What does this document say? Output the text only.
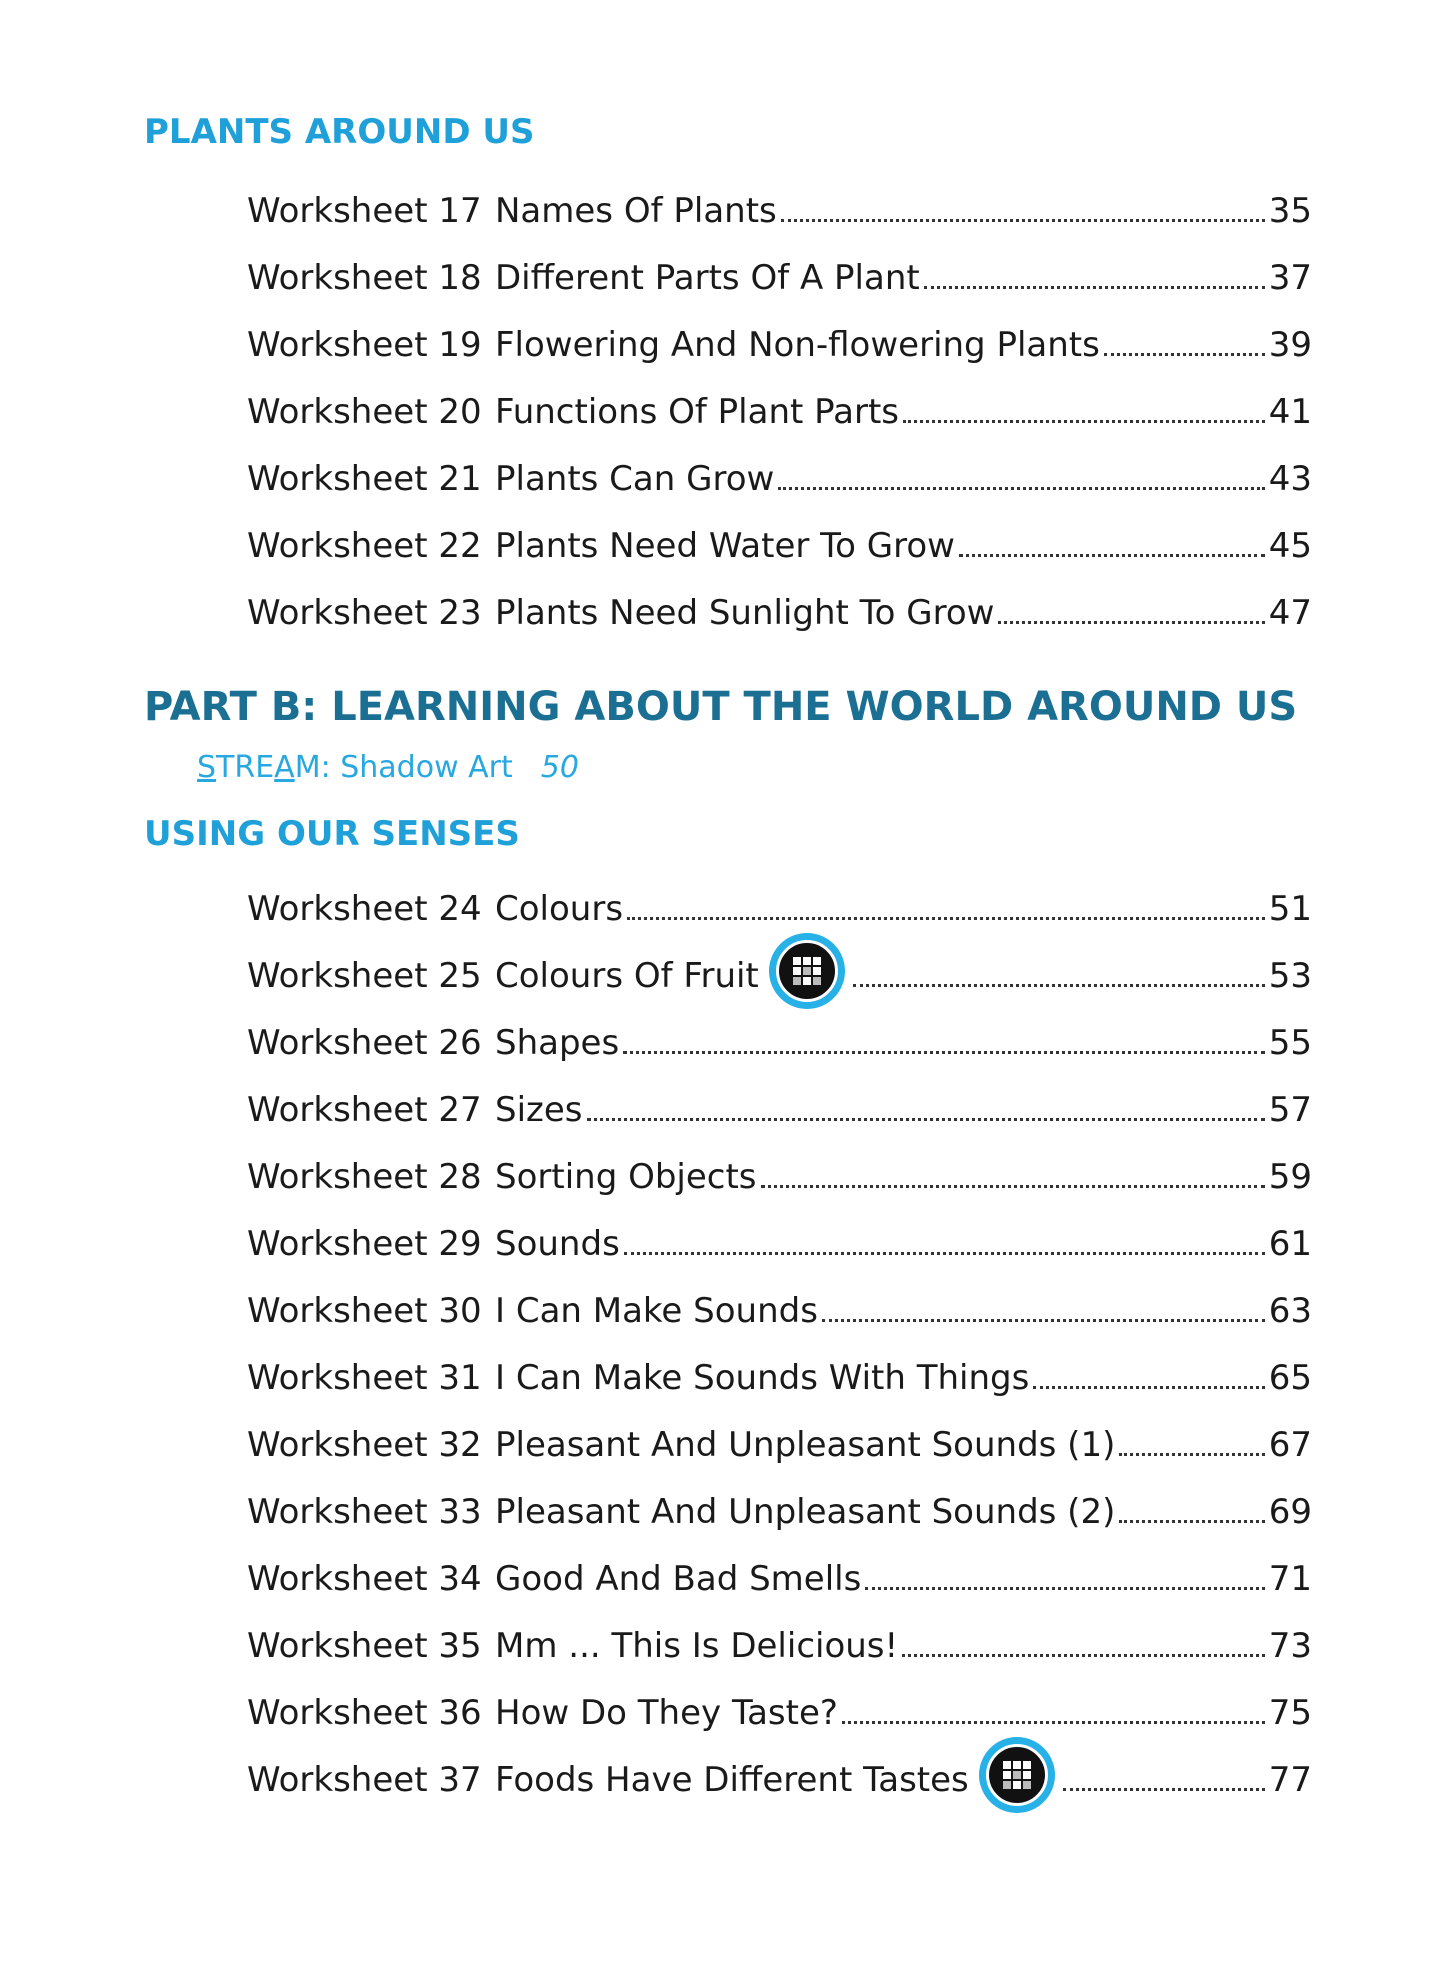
PLANTS AROUND US
Worksheet 17 Names Of Plants	35
Worksheet 18 Different Parts Of A Plant	37
Worksheet 19 Flowering And Non-flowering Plants	39
Worksheet 20 Functions Of Plant Parts	41
Worksheet 21 Plants Can Grow	43
Worksheet 22 Plants Need Water To Grow	45
Worksheet 23 Plants Need Sunlight To Grow	47
PART B: LEARNING ABOUT THE WORLD AROUND US
STREAM: Shadow Art 50
USING OUR SENSES
Worksheet 24 Colours	51
Worksheet 25 Colours Of Fruit	53
Worksheet 26 Shapes	55
Worksheet 27 Sizes	57
Worksheet 28 Sorting Objects	59
Worksheet 29 Sounds	61
Worksheet 30 I Can Make Sounds	63
Worksheet 31 I Can Make Sounds With Things	65
Worksheet 32 Pleasant And Unpleasant Sounds (1)	67
Worksheet 33 Pleasant And Unpleasant Sounds (2)	69
Worksheet 34 Good And Bad Smells	71
Worksheet 35 Mm ... This Is Delicious!	73
Worksheet 36 How Do They Taste?	75
Worksheet 37 Foods Have Different Tastes	77
